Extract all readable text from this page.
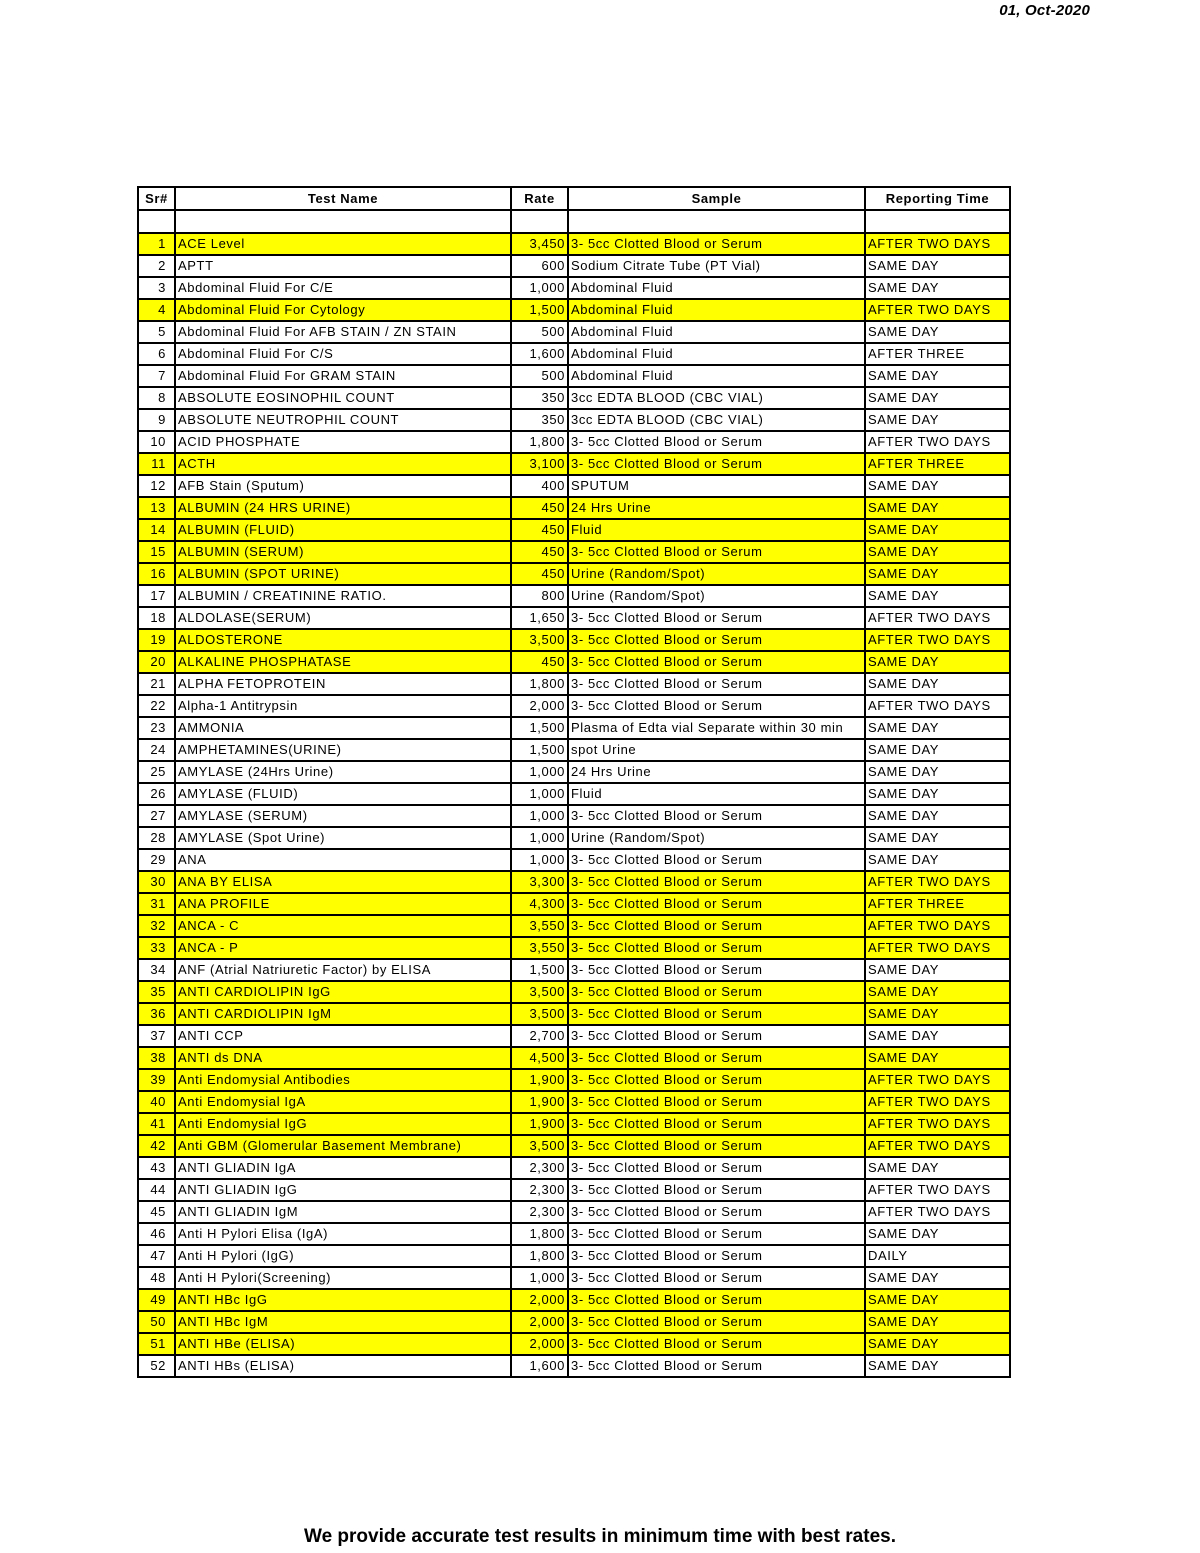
01, Oct-2020
Sr#	Test Name	Rate	Sample	Reporting Time

1	ACE Level	3,450	3- 5cc Clotted Blood or Serum	AFTER TWO DAYS
2	APTT	600	Sodium Citrate Tube (PT Vial)	SAME DAY
3	Abdominal Fluid For C/E	1,000	Abdominal Fluid	SAME DAY
4	Abdominal Fluid For Cytology	1,500	Abdominal Fluid	AFTER TWO DAYS
5	Abdominal Fluid For AFB STAIN / ZN STAIN	500	Abdominal Fluid	SAME DAY
6	Abdominal Fluid For C/S	1,600	Abdominal Fluid	AFTER THREE
7	Abdominal Fluid For GRAM STAIN	500	Abdominal Fluid	SAME DAY
8	ABSOLUTE EOSINOPHIL COUNT	350	3cc EDTA BLOOD (CBC VIAL)	SAME DAY
9	ABSOLUTE NEUTROPHIL COUNT	350	3cc EDTA BLOOD (CBC VIAL)	SAME DAY
10	ACID PHOSPHATE	1,800	3- 5cc Clotted Blood or Serum	AFTER TWO DAYS
11	ACTH	3,100	3- 5cc Clotted Blood or Serum	AFTER THREE
12	AFB Stain (Sputum)	400	SPUTUM	SAME DAY
13	ALBUMIN (24 HRS URINE)	450	24 Hrs Urine	SAME DAY
14	ALBUMIN (FLUID)	450	Fluid	SAME DAY
15	ALBUMIN (SERUM)	450	3- 5cc Clotted Blood or Serum	SAME DAY
16	ALBUMIN (SPOT URINE)	450	Urine (Random/Spot)	SAME DAY
17	ALBUMIN / CREATININE RATIO.	800	Urine (Random/Spot)	SAME DAY
18	ALDOLASE(SERUM)	1,650	3- 5cc Clotted Blood or Serum	AFTER TWO DAYS
19	ALDOSTERONE	3,500	3- 5cc Clotted Blood or Serum	AFTER TWO DAYS
20	ALKALINE PHOSPHATASE	450	3- 5cc Clotted Blood or Serum	SAME DAY
21	ALPHA FETOPROTEIN	1,800	3- 5cc Clotted Blood or Serum	SAME DAY
22	Alpha-1 Antitrypsin	2,000	3- 5cc Clotted Blood or Serum	AFTER TWO DAYS
23	AMMONIA	1,500	Plasma of Edta vial Separate within 30 min	SAME DAY
24	AMPHETAMINES(URINE)	1,500	spot Urine	SAME DAY
25	AMYLASE (24Hrs Urine)	1,000	24 Hrs Urine	SAME DAY
26	AMYLASE (FLUID)	1,000	Fluid	SAME DAY
27	AMYLASE (SERUM)	1,000	3- 5cc Clotted Blood or Serum	SAME DAY
28	AMYLASE (Spot Urine)	1,000	Urine (Random/Spot)	SAME DAY
29	ANA	1,000	3- 5cc Clotted Blood or Serum	SAME DAY
30	ANA BY ELISA	3,300	3- 5cc Clotted Blood or Serum	AFTER TWO DAYS
31	ANA PROFILE	4,300	3- 5cc Clotted Blood or Serum	AFTER THREE
32	ANCA - C	3,550	3- 5cc Clotted Blood or Serum	AFTER TWO DAYS
33	ANCA - P	3,550	3- 5cc Clotted Blood or Serum	AFTER TWO DAYS
34	ANF (Atrial Natriuretic Factor) by ELISA	1,500	3- 5cc Clotted Blood or Serum	SAME DAY
35	ANTI CARDIOLIPIN IgG	3,500	3- 5cc Clotted Blood or Serum	SAME DAY
36	ANTI CARDIOLIPIN IgM	3,500	3- 5cc Clotted Blood or Serum	SAME DAY
37	ANTI CCP	2,700	3- 5cc Clotted Blood or Serum	SAME DAY
38	ANTI ds DNA	4,500	3- 5cc Clotted Blood or Serum	SAME DAY
39	Anti Endomysial Antibodies	1,900	3- 5cc Clotted Blood or Serum	AFTER TWO DAYS
40	Anti Endomysial IgA	1,900	3- 5cc Clotted Blood or Serum	AFTER TWO DAYS
41	Anti Endomysial IgG	1,900	3- 5cc Clotted Blood or Serum	AFTER TWO DAYS
42	Anti GBM (Glomerular Basement Membrane)	3,500	3- 5cc Clotted Blood or Serum	AFTER TWO DAYS
43	ANTI GLIADIN IgA	2,300	3- 5cc Clotted Blood or Serum	SAME DAY
44	ANTI GLIADIN IgG	2,300	3- 5cc Clotted Blood or Serum	AFTER TWO DAYS
45	ANTI GLIADIN IgM	2,300	3- 5cc Clotted Blood or Serum	AFTER TWO DAYS
46	Anti H Pylori Elisa (IgA)	1,800	3- 5cc Clotted Blood or Serum	SAME DAY
47	Anti H Pylori (IgG)	1,800	3- 5cc Clotted Blood or Serum	DAILY
48	Anti H Pylori(Screening)	1,000	3- 5cc Clotted Blood or Serum	SAME DAY
49	ANTI HBc IgG	2,000	3- 5cc Clotted Blood or Serum	SAME DAY
50	ANTI HBc IgM	2,000	3- 5cc Clotted Blood or Serum	SAME DAY
51	ANTI HBe (ELISA)	2,000	3- 5cc Clotted Blood or Serum	SAME DAY
52	ANTI HBs (ELISA)	1,600	3- 5cc Clotted Blood or Serum	SAME DAY
We provide accurate test results in minimum time with best rates.
